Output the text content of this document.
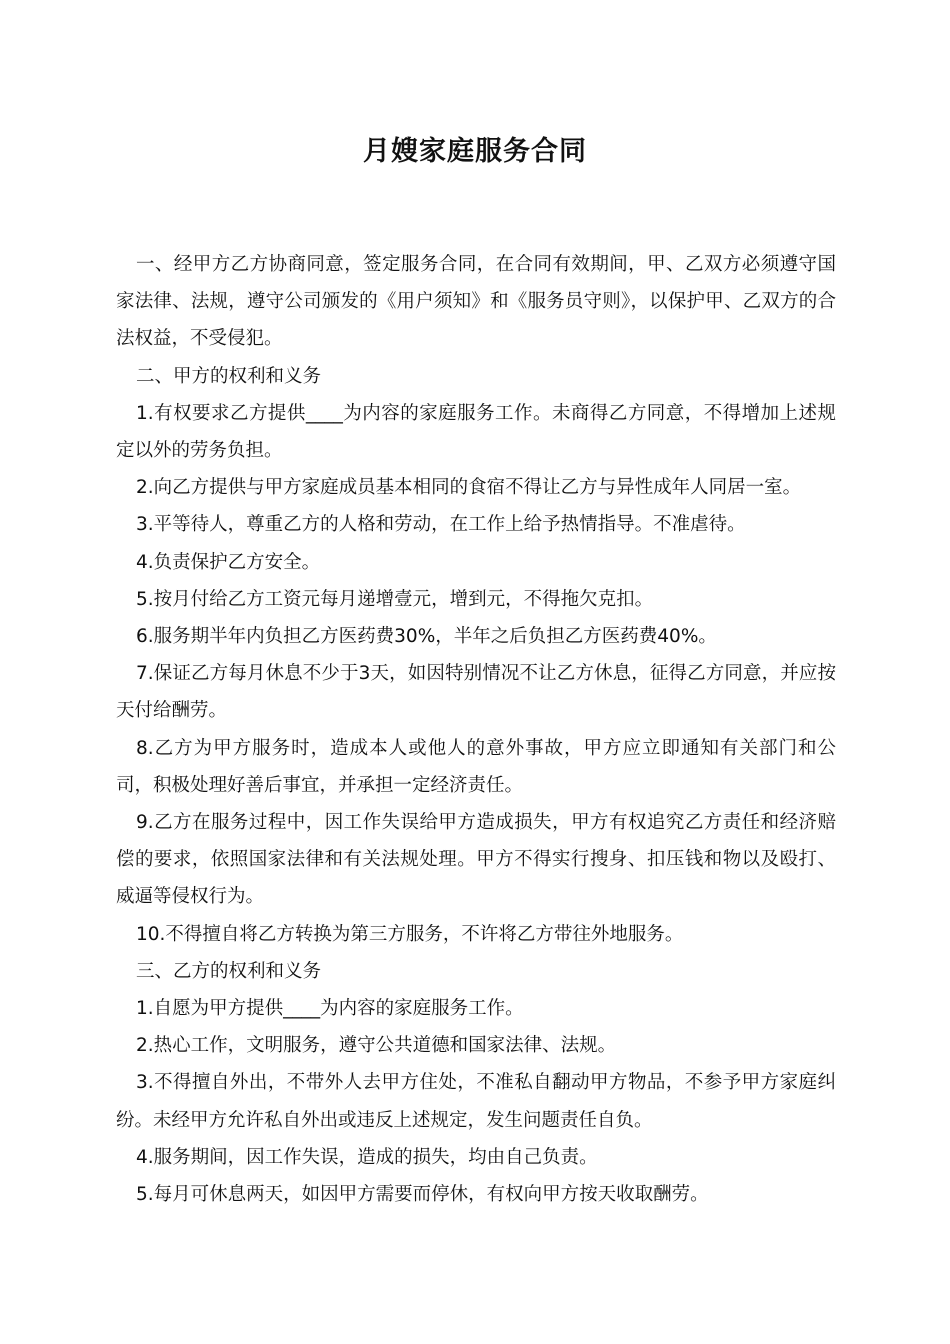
月嫂家庭服务合同

一、经甲方乙方协商同意，签定服务合同，在合同有效期间，甲、乙双方必须遵守国家法律、法规，遵守公司颁发的《用户须知》和《服务员守则》，以保护甲、乙双方的合法权益，不受侵犯。

二、甲方的权利和义务

1.有权要求乙方提供____为内容的家庭服务工作。未商得乙方同意，不得增加上述规定以外的劳务负担。

2.向乙方提供与甲方家庭成员基本相同的食宿不得让乙方与异性成年人同居一室。

3.平等待人，尊重乙方的人格和劳动，在工作上给予热情指导。不准虐待。

4.负责保护乙方安全。

5.按月付给乙方工资元每月递增壹元，增到元，不得拖欠克扣。

6.服务期半年内负担乙方医药费30%，半年之后负担乙方医药费40%。

7.保证乙方每月休息不少于3天，如因特别情况不让乙方休息，征得乙方同意，并应按天付给酬劳。

8.乙方为甲方服务时，造成本人或他人的意外事故，甲方应立即通知有关部门和公司，积极处理好善后事宜，并承担一定经济责任。

9.乙方在服务过程中，因工作失误给甲方造成损失，甲方有权追究乙方责任和经济赔偿的要求，依照国家法律和有关法规处理。甲方不得实行搜身、扣压钱和物以及殴打、威逼等侵权行为。

10.不得擅自将乙方转换为第三方服务，不许将乙方带往外地服务。

三、乙方的权利和义务

1.自愿为甲方提供____为内容的家庭服务工作。

2.热心工作，文明服务，遵守公共道德和国家法律、法规。

3.不得擅自外出，不带外人去甲方住处，不准私自翻动甲方物品，不参予甲方家庭纠纷。未经甲方允许私自外出或违反上述规定，发生问题责任自负。

4.服务期间，因工作失误，造成的损失，均由自己负责。

5.每月可休息两天，如因甲方需要而停休，有权向甲方按天收取酬劳。
